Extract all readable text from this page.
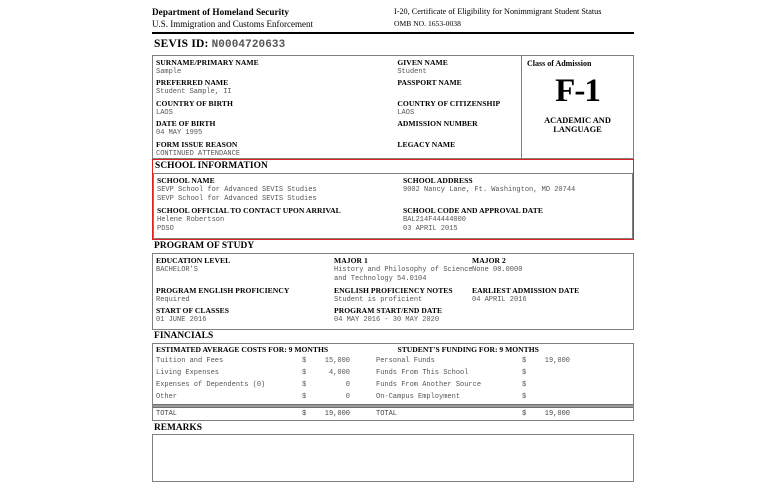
Department of Homeland Security
U.S. Immigration and Customs Enforcement
I-20, Certificate of Eligibility for Nonimmigrant Student Status
OMB NO. 1653-0038
SEVIS ID: N0004720633
SURNAME/PRIMARY NAME
Sample
GIVEN NAME
Student
PREFERRED NAME
Student Sample, II
PASSPORT NAME

COUNTRY OF BIRTH
LAOS
COUNTRY OF CITIZENSHIP
LAOS
DATE OF BIRTH
04 MAY 1995
ADMISSION NUMBER

FORM ISSUE REASON
CONTINUED ATTENDANCE
LEGACY NAME

Class of Admission
F-1
ACADEMIC AND
LANGUAGE
SCHOOL INFORMATION
SCHOOL NAME
SEVP School for Advanced SEVIS Studies
SEVP School for Advanced SEVIS Studies
SCHOOL ADDRESS
9002 Nancy Lane, Ft. Washington, MD 20744
SCHOOL OFFICIAL TO CONTACT UPON ARRIVAL
Helene Robertson
PDSO
SCHOOL CODE AND APPROVAL DATE
BAL214F44444000
03 APRIL 2015
PROGRAM OF STUDY
EDUCATION LEVEL
BACHELOR'S
MAJOR 1
History and Philosophy of Science
and Technology 54.0104
MAJOR 2
None 00.0000
PROGRAM ENGLISH PROFICIENCY
Required
ENGLISH PROFICIENCY NOTES
Student is proficient
EARLIEST ADMISSION DATE
04 APRIL 2016
START OF CLASSES
01 JUNE 2016
PROGRAM START/END DATE
04 MAY 2016 - 30 MAY 2020
FINANCIALS
ESTIMATED AVERAGE COSTS FOR: 9 MONTHS	STUDENT'S FUNDING FOR: 9 MONTHS
Tuition and Fees	$	15,000	Personal Funds	$	19,000
Living Expenses	$	4,000	Funds From This School	$
Expenses of Dependents (0)	$	0	Funds From Another Source	$
Other	$	0	On-Campus Employment	$
TOTAL	$	19,000	TOTAL	$	19,000
REMARKS
